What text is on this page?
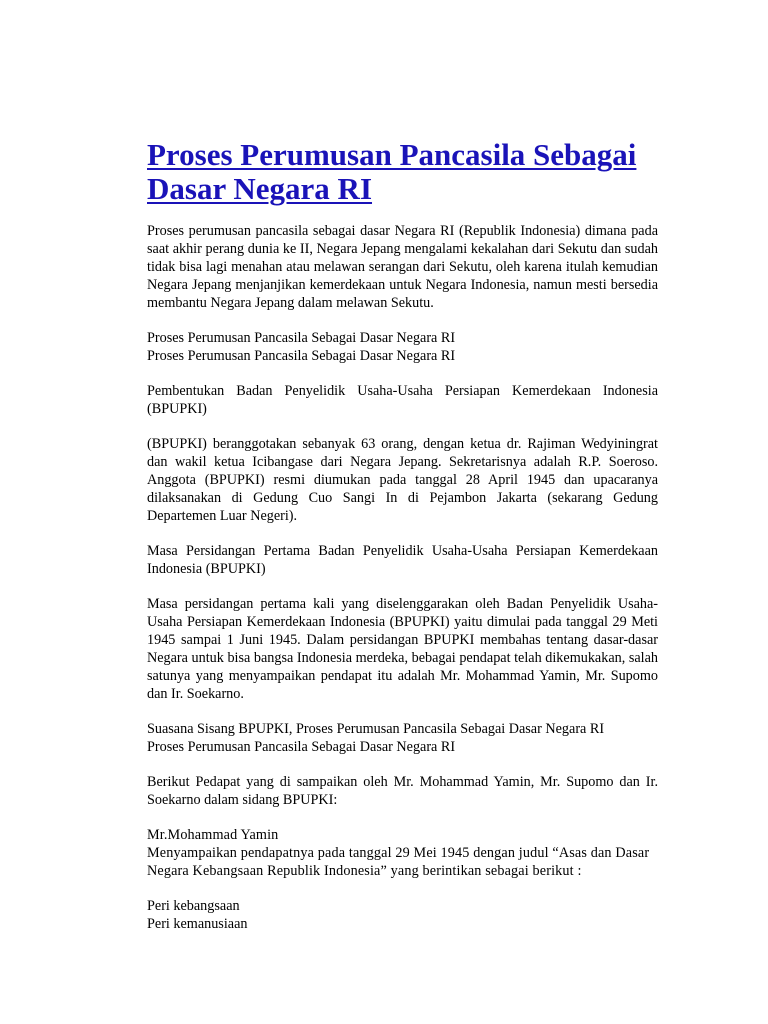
Proses Perumusan Pancasila Sebagai Dasar Negara RI

Proses perumusan pancasila sebagai dasar Negara RI (Republik Indonesia) dimana pada saat akhir perang dunia ke II, Negara Jepang mengalami kekalahan dari Sekutu dan sudah tidak bisa lagi menahan atau melawan serangan dari Sekutu, oleh karena itulah kemudian Negara Jepang menjanjikan kemerdekaan untuk Negara Indonesia, namun mesti bersedia membantu Negara Jepang dalam melawan Sekutu.

Proses Perumusan Pancasila Sebagai Dasar Negara RI
Proses Perumusan Pancasila Sebagai Dasar Negara RI

Pembentukan Badan Penyelidik Usaha-Usaha Persiapan Kemerdekaan Indonesia (BPUPKI)

(BPUPKI) beranggotakan sebanyak 63 orang, dengan ketua dr. Rajiman Wedyiningrat dan wakil ketua Icibangase dari Negara Jepang. Sekretarisnya adalah R.P. Soeroso. Anggota (BPUPKI) resmi diumukan pada tanggal 28 April 1945 dan upacaranya dilaksanakan di Gedung Cuo Sangi In di Pejambon Jakarta (sekarang Gedung Departemen Luar Negeri).

Masa Persidangan Pertama Badan Penyelidik Usaha-Usaha Persiapan Kemerdekaan Indonesia (BPUPKI)

Masa persidangan pertama kali yang diselenggarakan oleh Badan Penyelidik Usaha-Usaha Persiapan Kemerdekaan Indonesia (BPUPKI) yaitu dimulai pada tanggal 29 Meti 1945 sampai 1 Juni 1945. Dalam persidangan BPUPKI membahas tentang dasar-dasar Negara untuk bisa bangsa Indonesia merdeka, bebagai pendapat telah dikemukakan, salah satunya yang menyampaikan pendapat itu adalah Mr. Mohammad Yamin, Mr. Supomo dan Ir. Soekarno.

Suasana Sisang BPUPKI, Proses Perumusan Pancasila Sebagai Dasar Negara RI
Proses Perumusan Pancasila Sebagai Dasar Negara RI

Berikut Pedapat yang di sampaikan oleh Mr. Mohammad Yamin, Mr. Supomo dan Ir. Soekarno dalam sidang BPUPKI:

Mr.Mohammad Yamin
Menyampaikan pendapatnya pada tanggal 29 Mei 1945 dengan judul “Asas dan Dasar Negara Kebangsaan Republik Indonesia” yang berintikan sebagai berikut :

Peri kebangsaan
Peri kemanusiaan
